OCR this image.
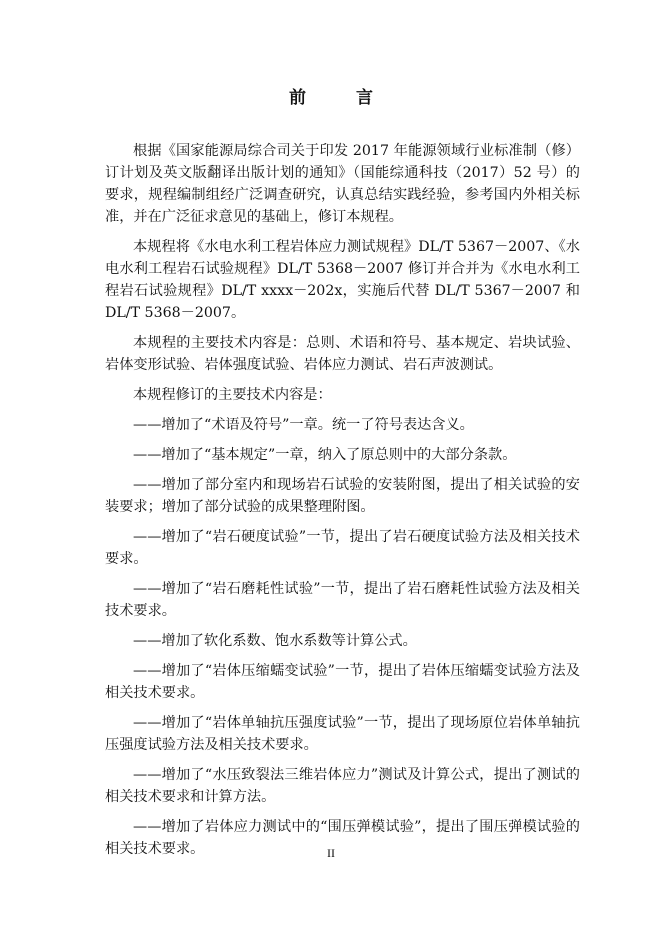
前 言

根据《国家能源局综合司关于印发 2017 年能源领域行业标准制（修）订计划及英文版翻译出版计划的通知》（国能综通科技（2017）52 号）的要求，规程编制组经广泛调查研究，认真总结实践经验，参考国内外相关标准，并在广泛征求意见的基础上，修订本规程。

本规程将《水电水利工程岩体应力测试规程》DL/T 5367－2007、《水电水利工程岩石试验规程》DL/T 5368－2007 修订并合并为《水电水利工程岩石试验规程》DL/T xxxx－202x，实施后代替 DL/T 5367－2007 和 DL/T 5368－2007。

本规程的主要技术内容是：总则、术语和符号、基本规定、岩块试验、岩体变形试验、岩体强度试验、岩体应力测试、岩石声波测试。

本规程修订的主要技术内容是：

——增加了“术语及符号”一章。统一了符号表达含义。

——增加了“基本规定”一章，纳入了原总则中的大部分条款。

——增加了部分室内和现场岩石试验的安装附图，提出了相关试验的安装要求；增加了部分试验的成果整理附图。

——增加了“岩石硬度试验”一节，提出了岩石硬度试验方法及相关技术要求。

——增加了“岩石磨耗性试验”一节，提出了岩石磨耗性试验方法及相关技术要求。

——增加了软化系数、饱水系数等计算公式。

——增加了“岩体压缩蠕变试验”一节，提出了岩体压缩蠕变试验方法及相关技术要求。

——增加了“岩体单轴抗压强度试验”一节，提出了现场原位岩体单轴抗压强度试验方法及相关技术要求。

——增加了“水压致裂法三维岩体应力”测试及计算公式，提出了测试的相关技术要求和计算方法。

——增加了岩体应力测试中的“围压弹模试验”，提出了围压弹模试验的相关技术要求。	II
